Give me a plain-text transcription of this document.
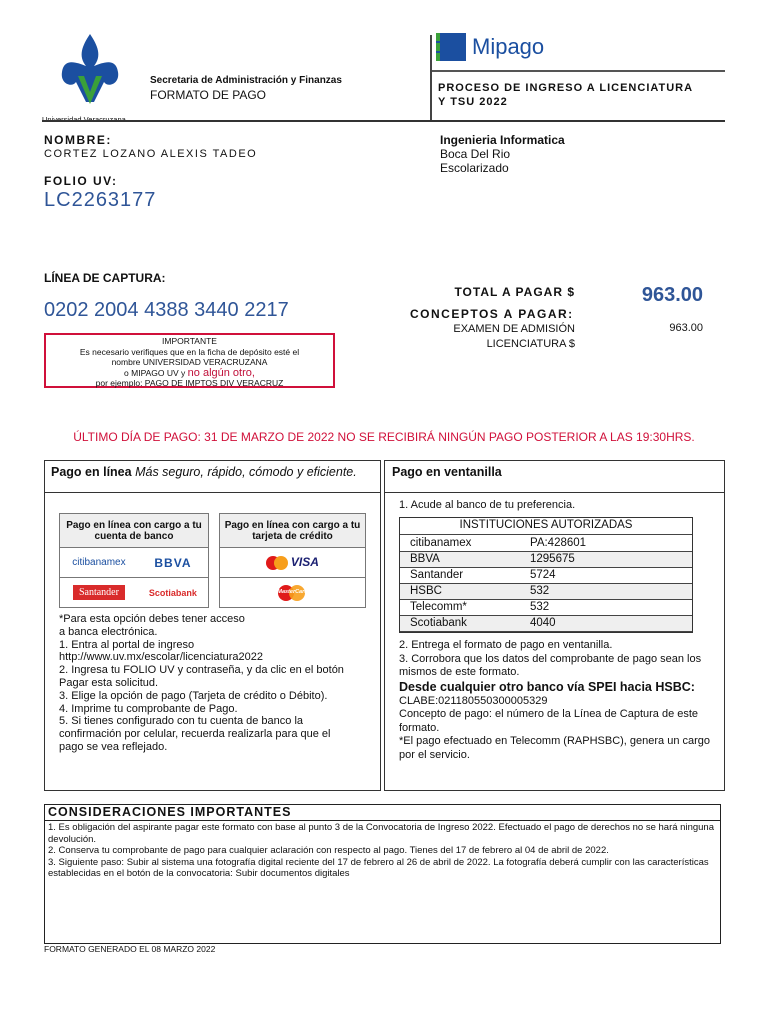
Secretaria de Administración y Finanzas
FORMATO DE PAGO
Mipago
PROCESO DE INGRESO A LICENCIATURA
Y TSU 2022
NOMBRE:
CORTEZ LOZANO ALEXIS TADEO
FOLIO UV:
LC2263177
Ingenieria Informatica
Boca Del Rio
Escolarizado
LÍNEA DE CAPTURA:
0202 2004 4388 3440 2217
IMPORTANTE
Es necesario verifiques que en la ficha de depósito esté el
nombre UNIVERSIDAD VERACRUZANA
o MIPAGO UV y no algún otro,
por ejemplo: PAGO DE IMPTOS DIV VERACRUZ
TOTAL A PAGAR $	963.00
CONCEPTOS A PAGAR:
EXAMEN DE ADMISIÓN
LICENCIATURA $
963.00
ÚLTIMO DÍA DE PAGO: 31 DE MARZO DE 2022 NO SE RECIBIRÁ NINGÚN PAGO POSTERIOR A LAS 19:30HRS.
Pago en línea Más seguro, rápido, cómodo y eficiente.
Pago en línea con cargo a tu cuenta de banco	
citibanamex	BBVA
Santander	Scotiabank
Pago en línea con cargo a tu tarjeta de crédito
VISA

MasterCard
*Para esta opción debes tener acceso
a banca electrónica.
1. Entra al portal de ingreso
http://www.uv.mx/escolar/licenciatura2022
2. Ingresa tu FOLIO UV y contraseña, y da clic en el botón
Pagar esta solicitud.
3. Elige la opción de pago (Tarjeta de crédito o Débito).
4. Imprime tu comprobante de Pago.
5. Si tienes configurado con tu cuenta de banco la
confirmación por celular, recuerda realizarla para que el
pago se vea reflejado.
Pago en ventanilla
1. Acude al banco de tu preferencia.
INSTITUCIONES AUTORIZADAS
citibanamex	PA:428601
BBVA	1295675
Santander	5724
HSBC	532
Telecomm*	532
Scotiabank	4040
2. Entrega el formato de pago en ventanilla.
3. Corrobora que los datos del comprobante de pago sean los mismos de este formato.
Desde cualquier otro banco vía SPEI hacia HSBC:
CLABE:021180550300005329
Concepto de pago: el número de la Línea de Captura de este formato.
*El pago efectuado en Telecomm (RAPHSBC), genera un cargo por el servicio.
CONSIDERACIONES IMPORTANTES
1. Es obligación del aspirante pagar este formato con base al punto 3 de la Convocatoria de Ingreso 2022. Efectuado el pago de derechos no se hará ninguna devolución.
2. Conserva tu comprobante de pago para cualquier aclaración con respecto al pago. Tienes del 17 de febrero al 04 de abril de 2022.
3. Siguiente paso: Subir al sistema una fotografía digital reciente del 17 de febrero al 26 de abril de 2022. La fotografía deberá cumplir con las características establecidas en el botón de la convocatoria: Subir documentos digitales
FORMATO GENERADO EL 08 MARZO 2022
